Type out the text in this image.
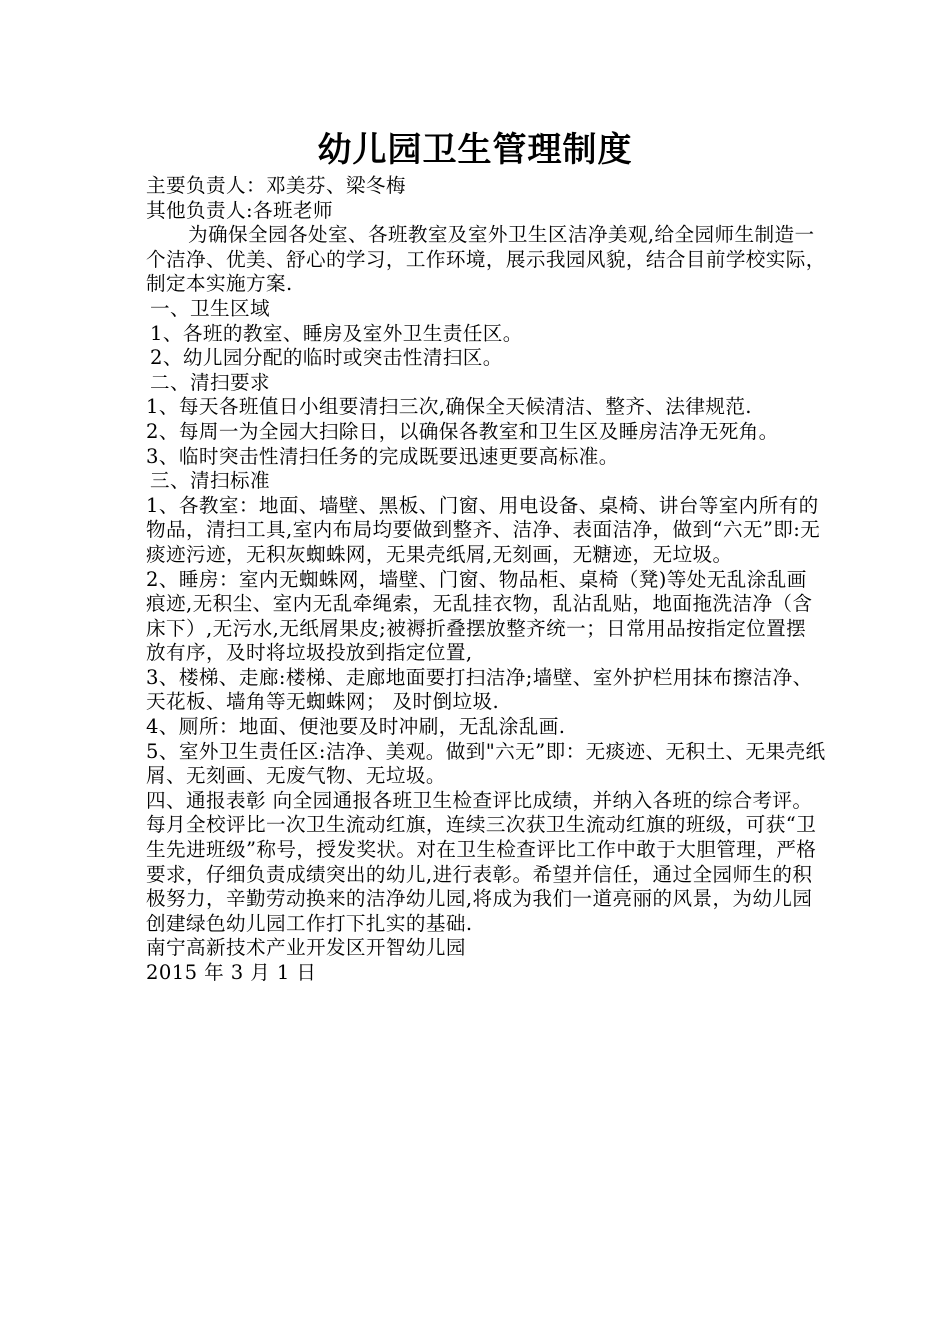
幼儿园卫生管理制度

主要负责人：邓美芬、梁冬梅

其他负责人:各班老师

为确保全园各处室、各班教室及室外卫生区洁净美观,给全园师生制造一个洁净、优美、舒心的学习，工作环境，展示我园风貌，结合目前学校实际，制定本实施方案.

一、卫生区域

1、各班的教室、睡房及室外卫生责任区。

2、幼儿园分配的临时或突击性清扫区。

二、清扫要求

1、每天各班值日小组要清扫三次,确保全天候清洁、整齐、法律规范.

2、每周一为全园大扫除日，以确保各教室和卫生区及睡房洁净无死角。

3、临时突击性清扫任务的完成既要迅速更要高标准。

三、清扫标准

1、各教室：地面、墙壁、黑板、门窗、用电设备、桌椅、讲台等室内所有的物品，清扫工具,室内布局均要做到整齐、洁净、表面洁净，做到“六无”即:无痰迹污迹，无积灰蜘蛛网，无果壳纸屑,无刻画，无糖迹，无垃圾。

2、睡房：室内无蜘蛛网，墙壁、门窗、物品柜、桌椅（凳)等处无乱涂乱画痕迹,无积尘、室内无乱牵绳索，无乱挂衣物，乱沾乱贴，地面拖洗洁净（含床下）,无污水,无纸屑果皮;被褥折叠摆放整齐统一；日常用品按指定位置摆放有序，及时将垃圾投放到指定位置,

3、楼梯、走廊:楼梯、走廊地面要打扫洁净;墙壁、室外护栏用抹布擦洁净、天花板、墙角等无蜘蛛网； 及时倒垃圾.

4、厕所：地面、便池要及时冲刷，无乱涂乱画.

5、室外卫生责任区:洁净、美观。做到"六无”即：无痰迹、无积土、无果壳纸屑、无刻画、无废气物、无垃圾。

四、通报表彰 向全园通报各班卫生检查评比成绩，并纳入各班的综合考评。每月全校评比一次卫生流动红旗，连续三次获卫生流动红旗的班级，可获“卫生先进班级”称号，授发奖状。对在卫生检查评比工作中敢于大胆管理，严格要求，仔细负责成绩突出的幼儿,进行表彰。希望并信任，通过全园师生的积极努力，辛勤劳动换来的洁净幼儿园,将成为我们一道亮丽的风景，为幼儿园创建绿色幼儿园工作打下扎实的基础.

南宁高新技术产业开发区开智幼儿园

2015 年 3 月 1 日
